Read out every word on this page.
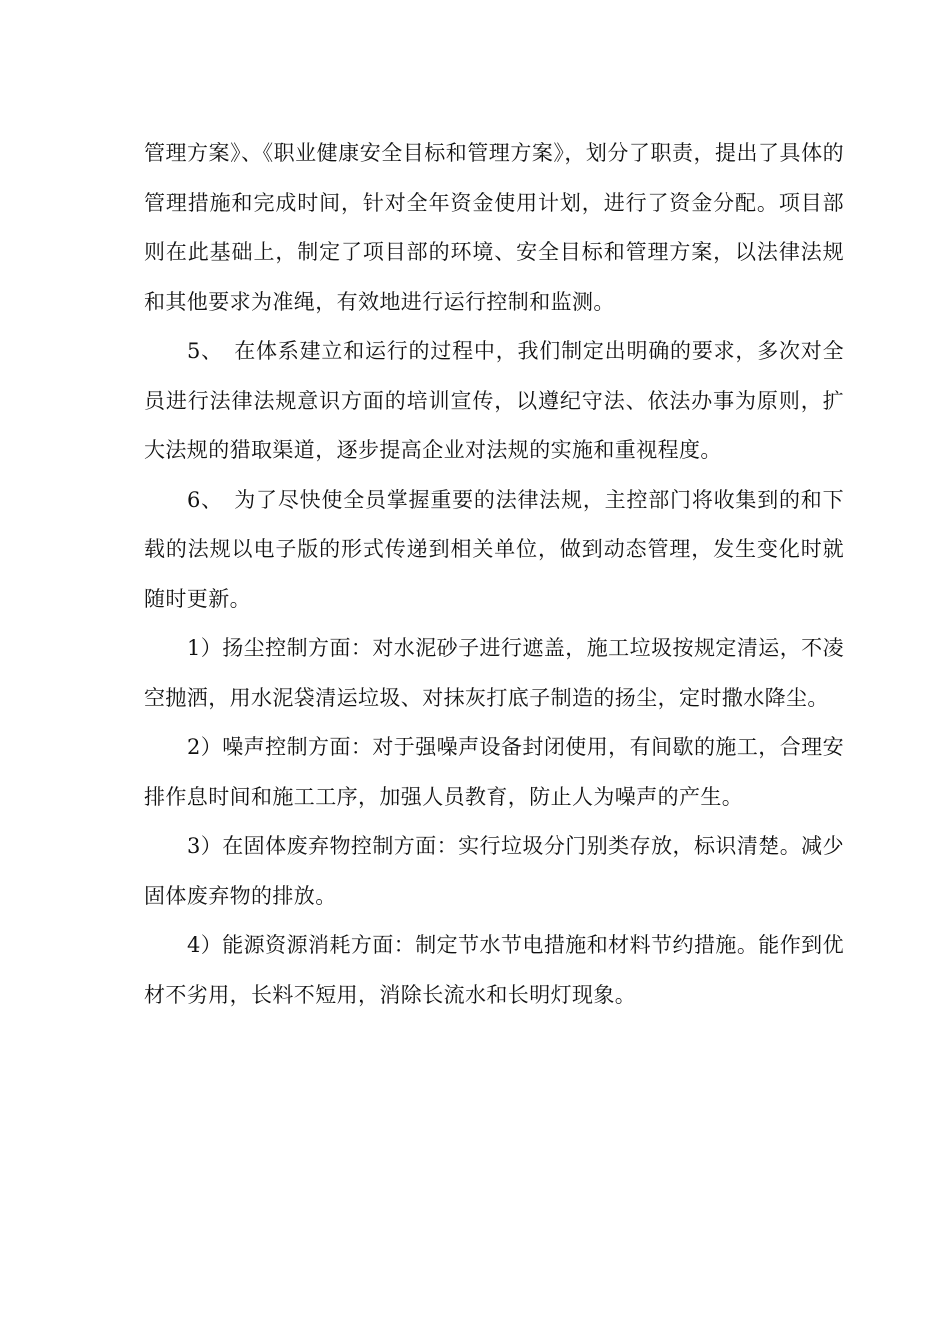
管理方案》、《职业健康安全目标和管理方案》，划分了职责，提出了具体的管理措施和完成时间，针对全年资金使用计划，进行了资金分配。项目部则在此基础上，制定了项目部的环境、安全目标和管理方案，以法律法规和其他要求为准绳，有效地进行运行控制和监测。

5、　在体系建立和运行的过程中，我们制定出明确的要求，多次对全员进行法律法规意识方面的培训宣传，以遵纪守法、依法办事为原则，扩大法规的猎取渠道，逐步提高企业对法规的实施和重视程度。

6、　为了尽快使全员掌握重要的法律法规，主控部门将收集到的和下载的法规以电子版的形式传递到相关单位，做到动态管理，发生变化时就随时更新。

1）扬尘控制方面：对水泥砂子进行遮盖，施工垃圾按规定清运，不凌空抛洒，用水泥袋清运垃圾、对抹灰打底子制造的扬尘，定时撒水降尘。

2）噪声控制方面：对于强噪声设备封闭使用，有间歇的施工，合理安排作息时间和施工工序，加强人员教育，防止人为噪声的产生。

3）在固体废弃物控制方面：实行垃圾分门别类存放，标识清楚。减少固体废弃物的排放。

4）能源资源消耗方面：制定节水节电措施和材料节约措施。能作到优材不劣用，长料不短用，消除长流水和长明灯现象。
